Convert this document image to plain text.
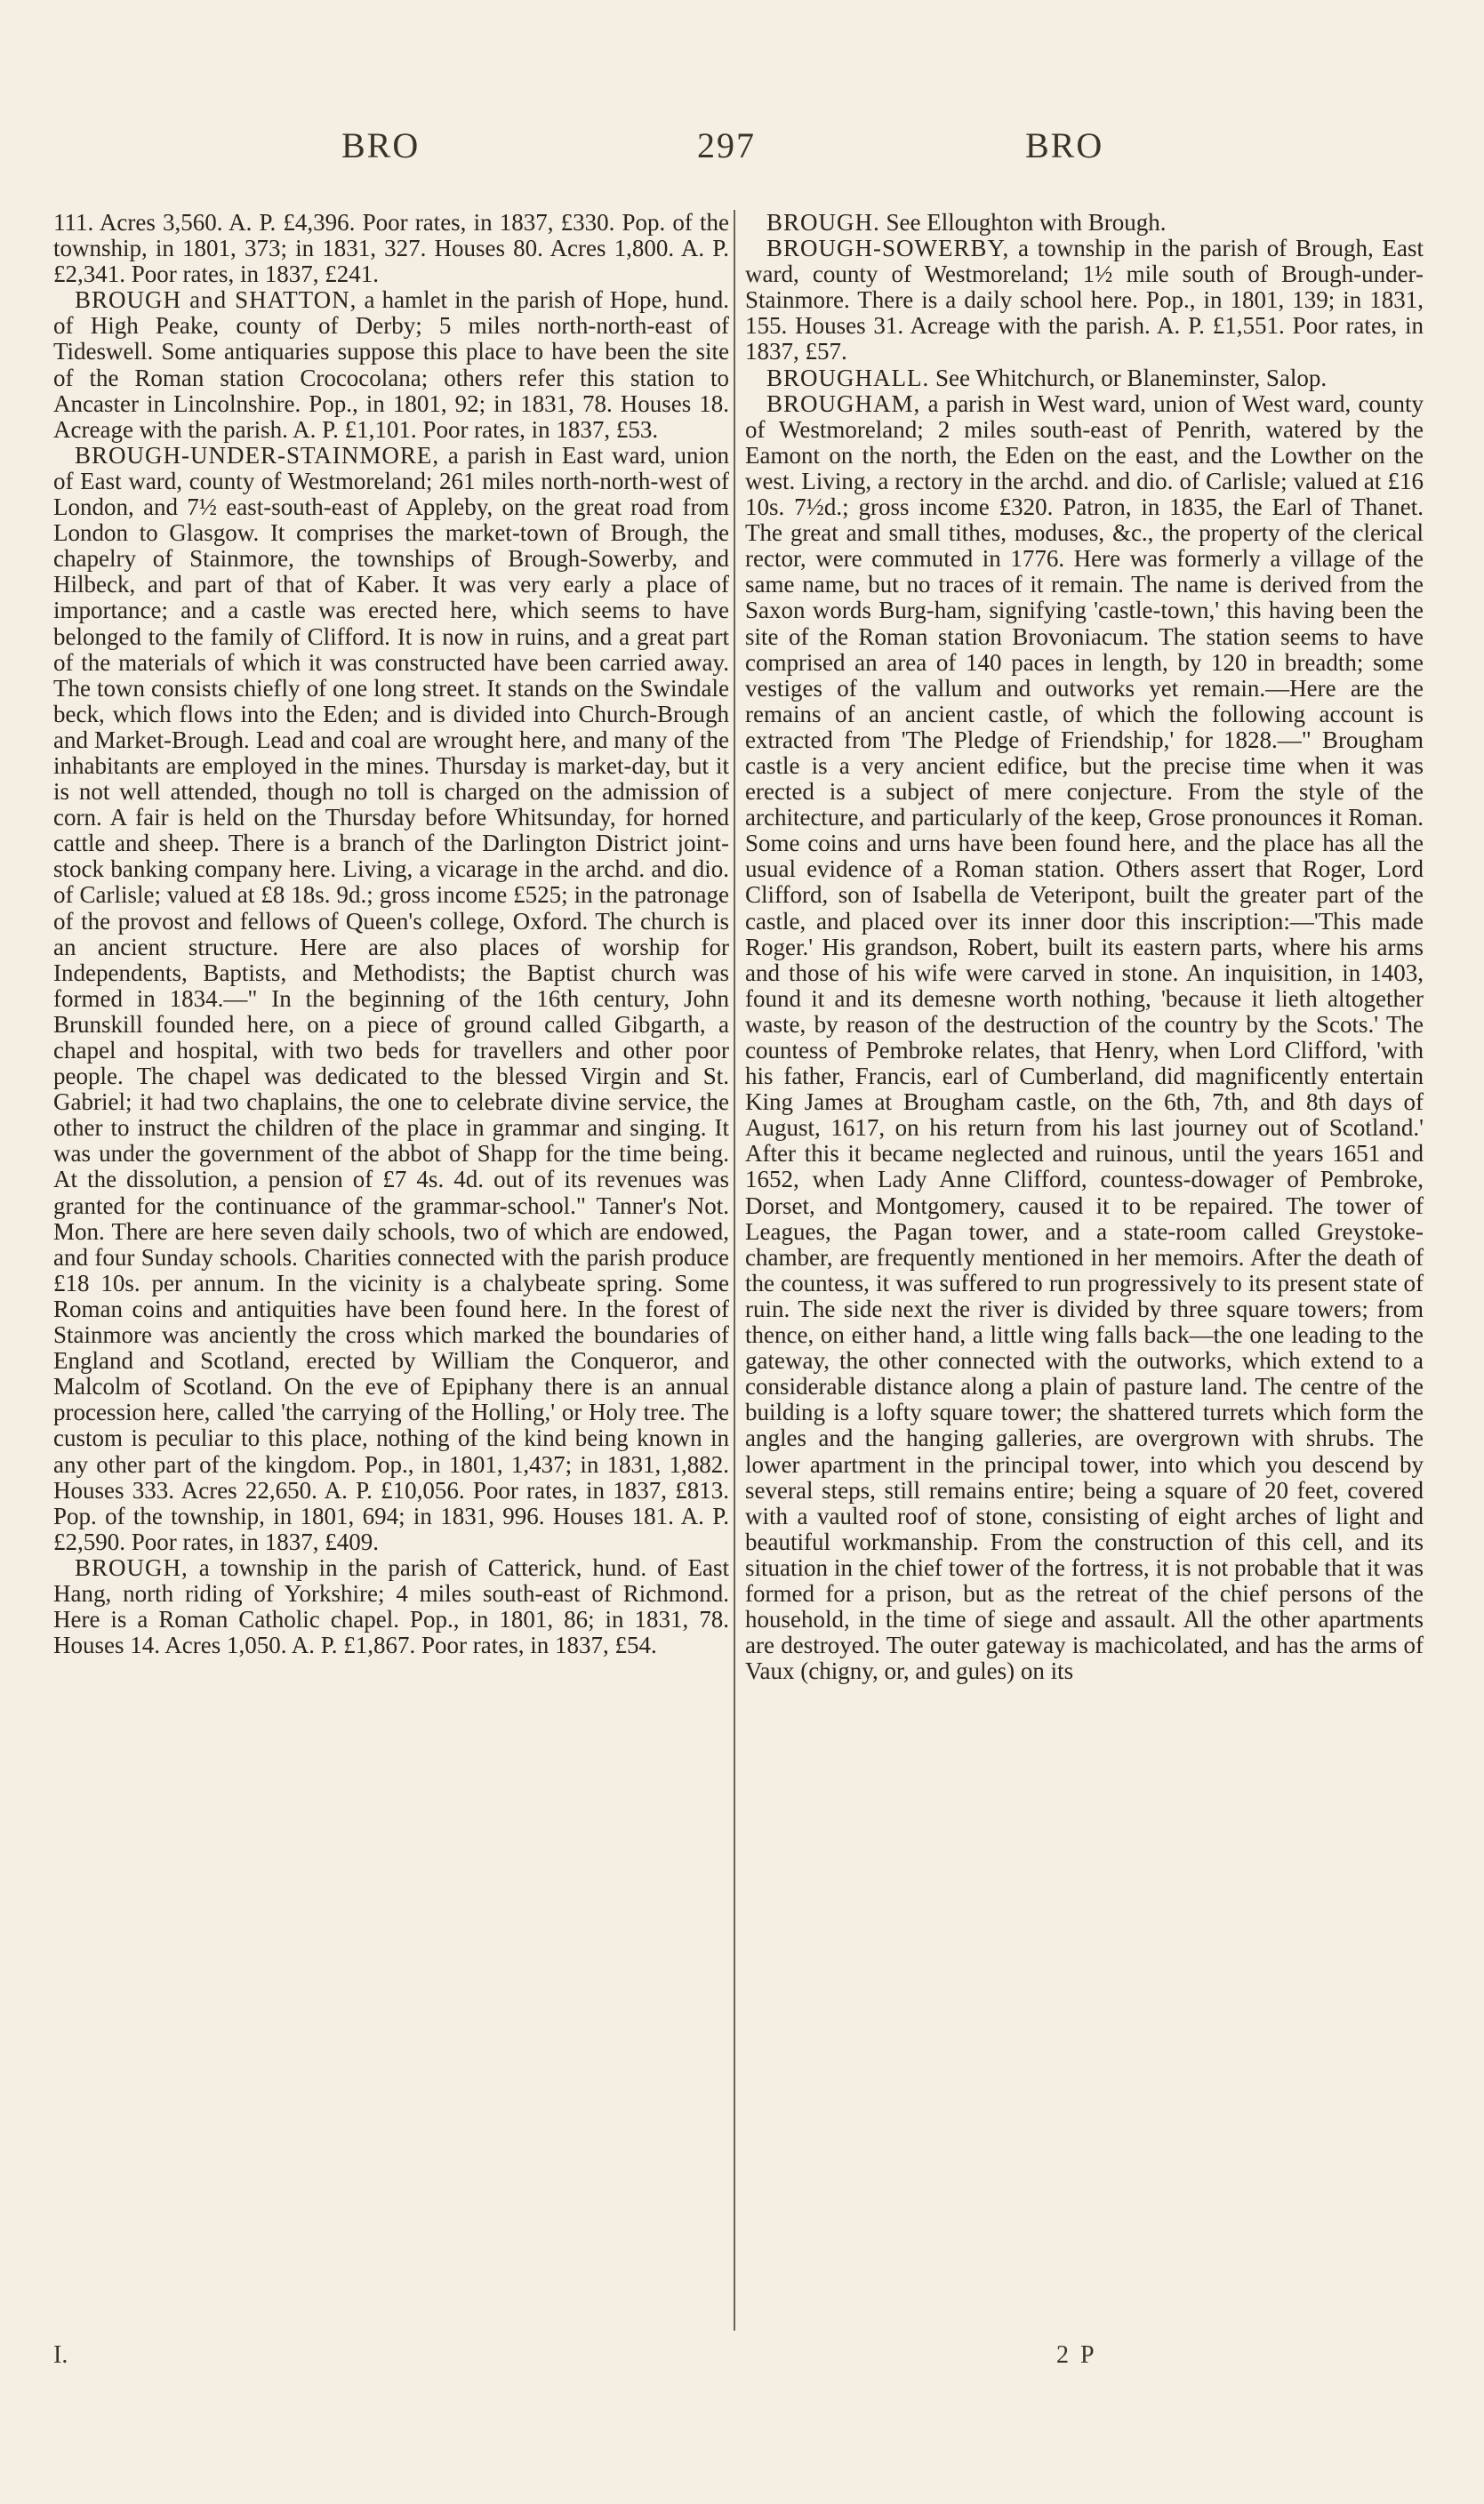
BRO	297	BRO

111. Acres 3,560. A. P. £4,396. Poor rates, in 1837, £330. Pop. of the township, in 1801, 373; in 1831, 327. Houses 80. Acres 1,800. A. P. £2,341. Poor rates, in 1837, £241.

BROUGH and SHATTON, a hamlet in the parish of Hope, hund. of High Peake, county of Derby; 5 miles north-north-east of Tideswell. Some antiquaries suppose this place to have been the site of the Roman station Crococolana; others refer this station to Ancaster in Lincolnshire. Pop., in 1801, 92; in 1831, 78. Houses 18. Acreage with the parish. A. P. £1,101. Poor rates, in 1837, £53.

BROUGH-UNDER-STAINMORE, a parish in East ward, union of East ward, county of Westmoreland; 261 miles north-north-west of London, and 7½ east-south-east of Appleby, on the great road from London to Glasgow. It comprises the market-town of Brough, the chapelry of Stainmore, the townships of Brough-Sowerby, and Hilbeck, and part of that of Kaber. It was very early a place of importance; and a castle was erected here, which seems to have belonged to the family of Clifford. It is now in ruins, and a great part of the materials of which it was constructed have been carried away. The town consists chiefly of one long street. It stands on the Swindale beck, which flows into the Eden; and is divided into Church-Brough and Market-Brough. Lead and coal are wrought here, and many of the inhabitants are employed in the mines. Thursday is market-day, but it is not well attended, though no toll is charged on the admission of corn. A fair is held on the Thursday before Whitsunday, for horned cattle and sheep. There is a branch of the Darlington District joint-stock banking company here. Living, a vicarage in the archd. and dio. of Carlisle; valued at £8 18s. 9d.; gross income £525; in the patronage of the provost and fellows of Queen's college, Oxford. The church is an ancient structure. Here are also places of worship for Independents, Baptists, and Methodists; the Baptist church was formed in 1834.—" In the beginning of the 16th century, John Brunskill founded here, on a piece of ground called Gibgarth, a chapel and hospital, with two beds for travellers and other poor people. The chapel was dedicated to the blessed Virgin and St. Gabriel; it had two chaplains, the one to celebrate divine service, the other to instruct the children of the place in grammar and singing. It was under the government of the abbot of Shapp for the time being. At the dissolution, a pension of £7 4s. 4d. out of its revenues was granted for the continuance of the grammar-school." Tanner's Not. Mon. There are here seven daily schools, two of which are endowed, and four Sunday schools. Charities connected with the parish produce £18 10s. per annum. In the vicinity is a chalybeate spring. Some Roman coins and antiquities have been found here. In the forest of Stainmore was anciently the cross which marked the boundaries of England and Scotland, erected by William the Conqueror, and Malcolm of Scotland. On the eve of Epiphany there is an annual procession here, called 'the carrying of the Holling,' or Holy tree. The custom is peculiar to this place, nothing of the kind being known in any other part of the kingdom. Pop., in 1801, 1,437; in 1831, 1,882. Houses 333. Acres 22,650. A. P. £10,056. Poor rates, in 1837, £813. Pop. of the township, in 1801, 694; in 1831, 996. Houses 181. A. P. £2,590. Poor rates, in 1837, £409.

BROUGH, a township in the parish of Catterick, hund. of East Hang, north riding of Yorkshire; 4 miles south-east of Richmond. Here is a Roman Catholic chapel. Pop., in 1801, 86; in 1831, 78. Houses 14. Acres 1,050. A. P. £1,867. Poor rates, in 1837, £54.

BROUGH. See Elloughton with Brough.

BROUGH-SOWERBY, a township in the parish of Brough, East ward, county of Westmoreland; 1½ mile south of Brough-under-Stainmore. There is a daily school here. Pop., in 1801, 139; in 1831, 155. Houses 31. Acreage with the parish. A. P. £1,551. Poor rates, in 1837, £57.

BROUGHALL. See Whitchurch, or Blaneminster, Salop.

BROUGHAM, a parish in West ward, union of West ward, county of Westmoreland; 2 miles south-east of Penrith, watered by the Eamont on the north, the Eden on the east, and the Lowther on the west. Living, a rectory in the archd. and dio. of Carlisle; valued at £16 10s. 7½d.; gross income £320. Patron, in 1835, the Earl of Thanet. The great and small tithes, moduses, &c., the property of the clerical rector, were commuted in 1776. Here was formerly a village of the same name, but no traces of it remain. The name is derived from the Saxon words Burg-ham, signifying 'castle-town,' this having been the site of the Roman station Brovoniacum. The station seems to have comprised an area of 140 paces in length, by 120 in breadth; some vestiges of the vallum and outworks yet remain.—Here are the remains of an ancient castle, of which the following account is extracted from 'The Pledge of Friendship,' for 1828.—" Brougham castle is a very ancient edifice, but the precise time when it was erected is a subject of mere conjecture. From the style of the architecture, and particularly of the keep, Grose pronounces it Roman. Some coins and urns have been found here, and the place has all the usual evidence of a Roman station. Others assert that Roger, Lord Clifford, son of Isabella de Veteripont, built the greater part of the castle, and placed over its inner door this inscription:—'This made Roger.' His grandson, Robert, built its eastern parts, where his arms and those of his wife were carved in stone. An inquisition, in 1403, found it and its demesne worth nothing, 'because it lieth altogether waste, by reason of the destruction of the country by the Scots.' The countess of Pembroke relates, that Henry, when Lord Clifford, 'with his father, Francis, earl of Cumberland, did magnificently entertain King James at Brougham castle, on the 6th, 7th, and 8th days of August, 1617, on his return from his last journey out of Scotland.' After this it became neglected and ruinous, until the years 1651 and 1652, when Lady Anne Clifford, countess-dowager of Pembroke, Dorset, and Montgomery, caused it to be repaired. The tower of Leagues, the Pagan tower, and a state-room called Greystoke-chamber, are frequently mentioned in her memoirs. After the death of the countess, it was suffered to run progressively to its present state of ruin. The side next the river is divided by three square towers; from thence, on either hand, a little wing falls back—the one leading to the gateway, the other connected with the outworks, which extend to a considerable distance along a plain of pasture land. The centre of the building is a lofty square tower; the shattered turrets which form the angles and the hanging galleries, are overgrown with shrubs. The lower apartment in the principal tower, into which you descend by several steps, still remains entire; being a square of 20 feet, covered with a vaulted roof of stone, consisting of eight arches of light and beautiful workmanship. From the construction of this cell, and its situation in the chief tower of the fortress, it is not probable that it was formed for a prison, but as the retreat of the chief persons of the household, in the time of siege and assault. All the other apartments are destroyed. The outer gateway is machicolated, and has the arms of Vaux (chigny, or, and gules) on its

I.	2 P
